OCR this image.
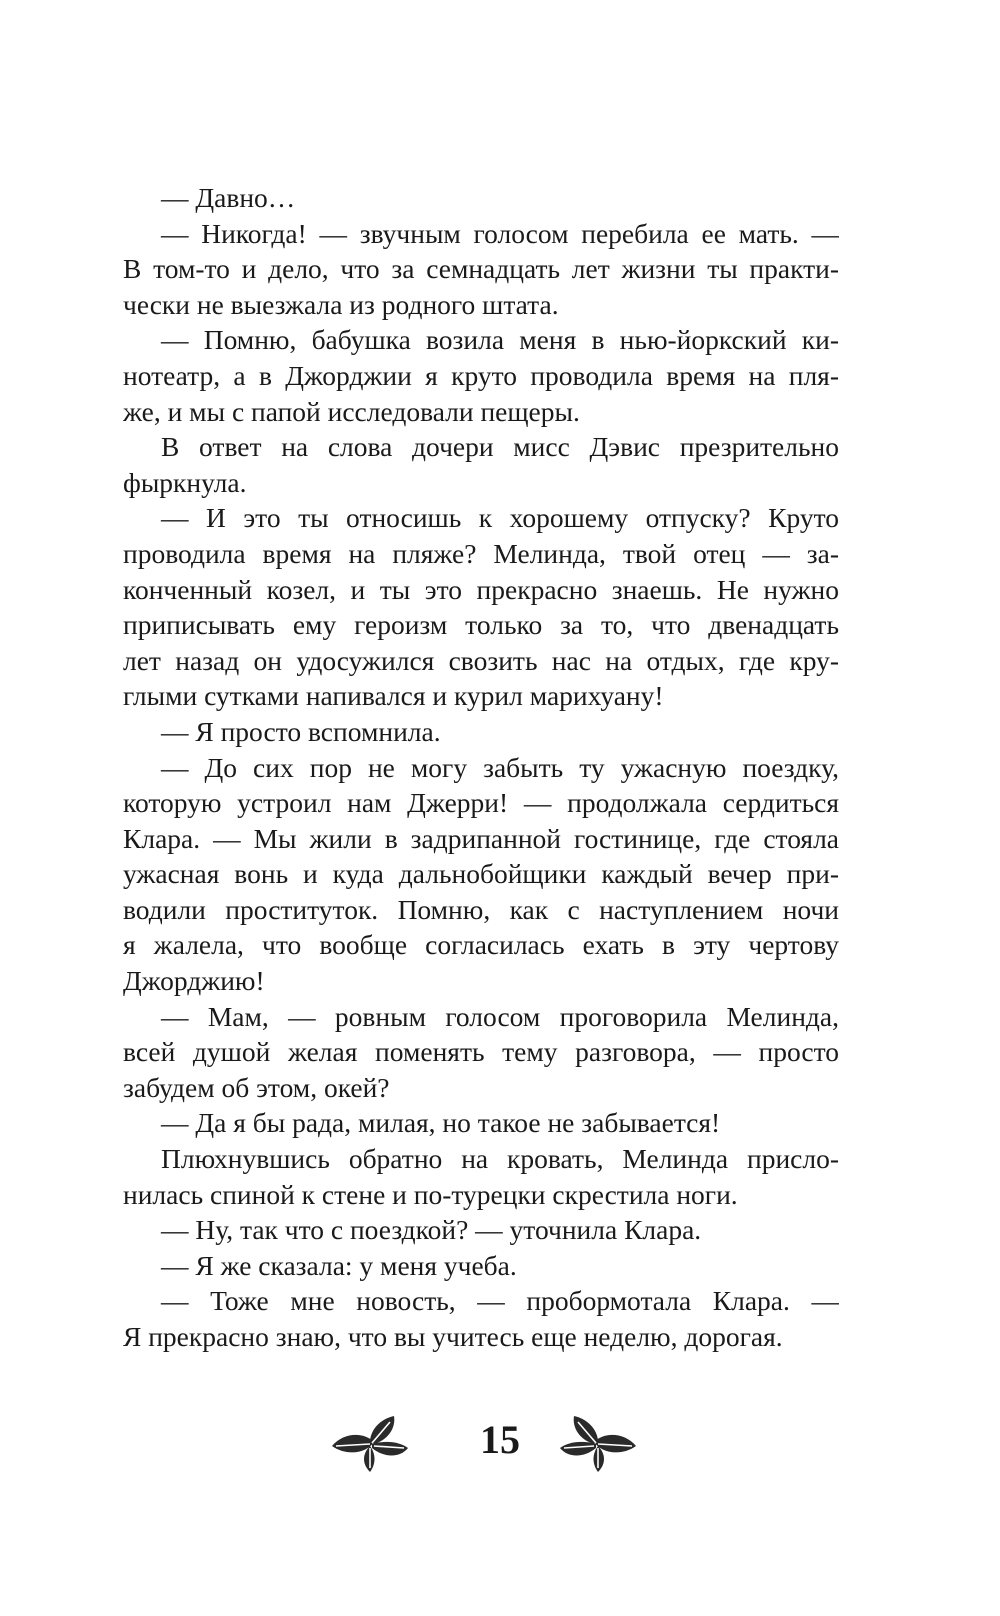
— Давно…
— Никогда! — звучным голосом перебила ее мать. —
В том-то и дело, что за семнадцать лет жизни ты практи-
чески не выезжала из родного штата.
— Помню, бабушка возила меня в нью-йоркский ки-
нотеатр, а в Джорджии я круто проводила время на пля-
же, и мы с папой исследовали пещеры.
В ответ на слова дочери мисс Дэвис презрительно
фыркнула.
— И это ты относишь к хорошему отпуску? Круто
проводила время на пляже? Мелинда, твой отец — за-
конченный козел, и ты это прекрасно знаешь. Не нужно
приписывать ему героизм только за то, что двенадцать
лет назад он удосужился свозить нас на отдых, где кру-
глыми сутками напивался и курил марихуану!
— Я просто вспомнила.
— До сих пор не могу забыть ту ужасную поездку,
которую устроил нам Джерри! — продолжала сердиться
Клара. — Мы жили в задрипанной гостинице, где стояла
ужасная вонь и куда дальнобойщики каждый вечер при-
водили проституток. Помню, как с наступлением ночи
я жалела, что вообще согласилась ехать в эту чертову
Джорджию!
— Мам, — ровным голосом проговорила Мелинда,
всей душой желая поменять тему разговора, — просто
забудем об этом, окей?
— Да я бы рада, милая, но такое не забывается!
Плюхнувшись обратно на кровать, Мелинда присло-
нилась спиной к стене и по-турецки скрестила ноги.
— Ну, так что с поездкой? — уточнила Клара.
— Я же сказала: у меня учеба.
— Тоже мне новость, — пробормотала Клара. —
Я прекрасно знаю, что вы учитесь еще неделю, дорогая.
15
